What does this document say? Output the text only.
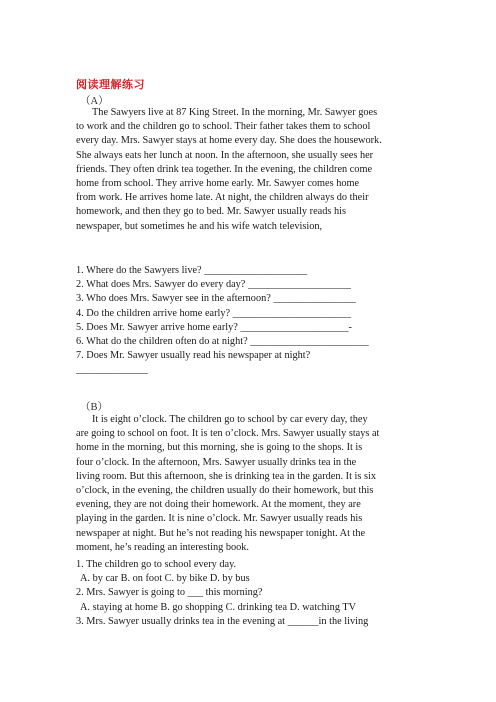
阅读理解练习
（A）
The Sawyers live at 87 King Street. In the morning, Mr. Sawyer goes
to work and the children go to school. Their father takes them to school
every day. Mrs. Sawyer stays at home every day. She does the housework.
She always eats her lunch at noon. In the afternoon, she usually sees her
friends. They often drink tea together. In the evening, the children come
home from school. They arrive home early. Mr. Sawyer comes home
from work. He arrives home late. At night, the children always do their
homework, and then they go to bed. Mr. Sawyer usually reads his
newspaper, but sometimes he and his wife watch television,
1. Where do the Sawyers live? ____________________
2. What does Mrs. Sawyer do every day? ____________________
3. Who does Mrs. Sawyer see in the afternoon? ________________
4. Do the children arrive home early? _______________________
5. Does Mr. Sawyer arrive home early? _____________________-
6. What do the children often do at night? _______________________
7. Does Mr. Sawyer usually read his newspaper at night?
______________
（B）
It is eight o’clock. The children go to school by car every day, they
are going to school on foot. It is ten o’clock. Mrs. Sawyer usually stays at
home in the morning, but this morning, she is going to the shops. It is
four o’clock. In the afternoon, Mrs. Sawyer usually drinks tea in the
living room. But this afternoon, she is drinking tea in the garden. It is six
o’clock, in the evening, the children usually do their homework, but this
evening, they are not doing their homework. At the moment, they are
playing in the garden. It is nine o’clock. Mr. Sawyer usually reads his
newspaper at night. But he’s not reading his newspaper tonight. At the
moment, he’s reading an interesting book.
1. The children go to school every day.
A. by car B. on foot C. by bike D. by bus
2. Mrs. Sawyer is going to ___ this morning?
A. staying at home B. go shopping C. drinking tea D. watching TV
3. Mrs. Sawyer usually drinks tea in the evening at ______in the living
